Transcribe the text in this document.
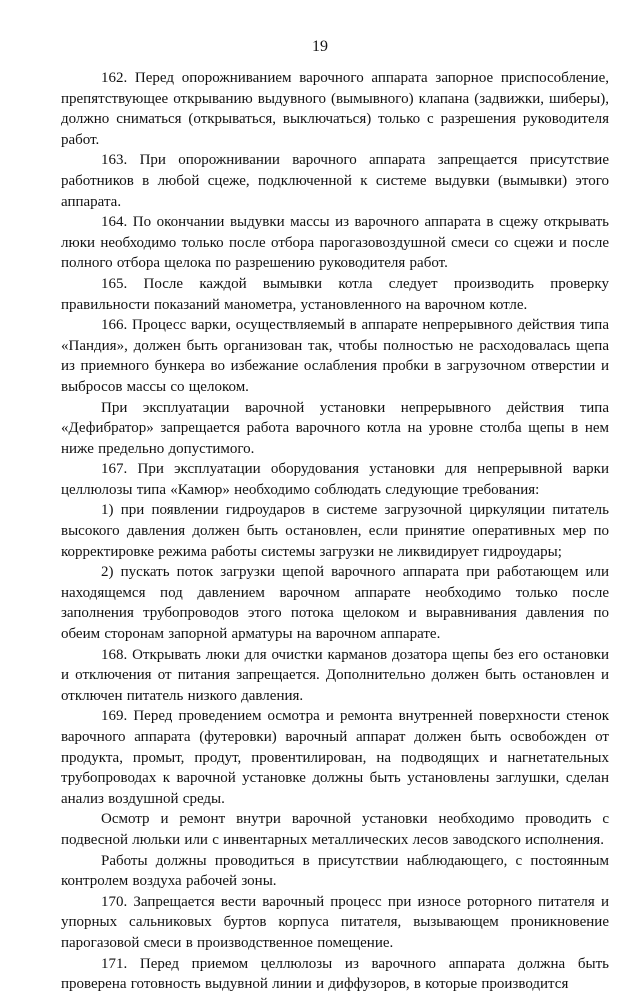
19

162. Перед опорожниванием варочного аппарата запорное приспособление, препятствующее открыванию выдувного (вымывного) клапана (задвижки, шиберы), должно сниматься (открываться, выключаться) только с разрешения руководителя работ.

163. При опорожнивании варочного аппарата запрещается присутствие работников в любой сцеже, подключенной к системе выдувки (вымывки) этого аппарата.

164. По окончании выдувки массы из варочного аппарата в сцежу открывать люки необходимо только после отбора парогазовоздушной смеси со сцежи и после полного отбора щелока по разрешению руководителя работ.

165. После каждой вымывки котла следует производить проверку правильности показаний манометра, установленного на варочном котле.

166. Процесс варки, осуществляемый в аппарате непрерывного действия типа «Пандия», должен быть организован так, чтобы полностью не расходовалась щепа из приемного бункера во избежание ослабления пробки в загрузочном отверстии и выбросов массы со щелоком.

При эксплуатации варочной установки непрерывного действия типа «Дефибратор» запрещается работа варочного котла на уровне столба щепы в нем ниже предельно допустимого.

167. При эксплуатации оборудования установки для непрерывной варки целлюлозы типа «Камюр» необходимо соблюдать следующие требования:

1) при появлении гидроударов в системе загрузочной циркуляции питатель высокого давления должен быть остановлен, если принятие оперативных мер по корректировке режима работы системы загрузки не ликвидирует гидроудары;

2) пускать поток загрузки щепой варочного аппарата при работающем или находящемся под давлением варочном аппарате необходимо только после заполнения трубопроводов этого потока щелоком и выравнивания давления по обеим сторонам запорной арматуры на варочном аппарате.

168. Открывать люки для очистки карманов дозатора щепы без его остановки и отключения от питания запрещается. Дополнительно должен быть остановлен и отключен питатель низкого давления.

169. Перед проведением осмотра и ремонта внутренней поверхности стенок варочного аппарата (футеровки) варочный аппарат должен быть освобожден от продукта, промыт, продут, провентилирован, на подводящих и нагнетательных трубопроводах к варочной установке должны быть установлены заглушки, сделан анализ воздушной среды.

Осмотр и ремонт внутри варочной установки необходимо проводить с подвесной люльки или с инвентарных металлических лесов заводского исполнения.

Работы должны проводиться в присутствии наблюдающего, с постоянным контролем воздуха рабочей зоны.

170. Запрещается вести варочный процесс при износе роторного питателя и упорных сальниковых буртов корпуса питателя, вызывающем проникновение парогазовой смеси в производственное помещение.

171. Перед приемом целлюлозы из варочного аппарата должна быть проверена готовность выдувной линии и диффузоров, в которые производится
